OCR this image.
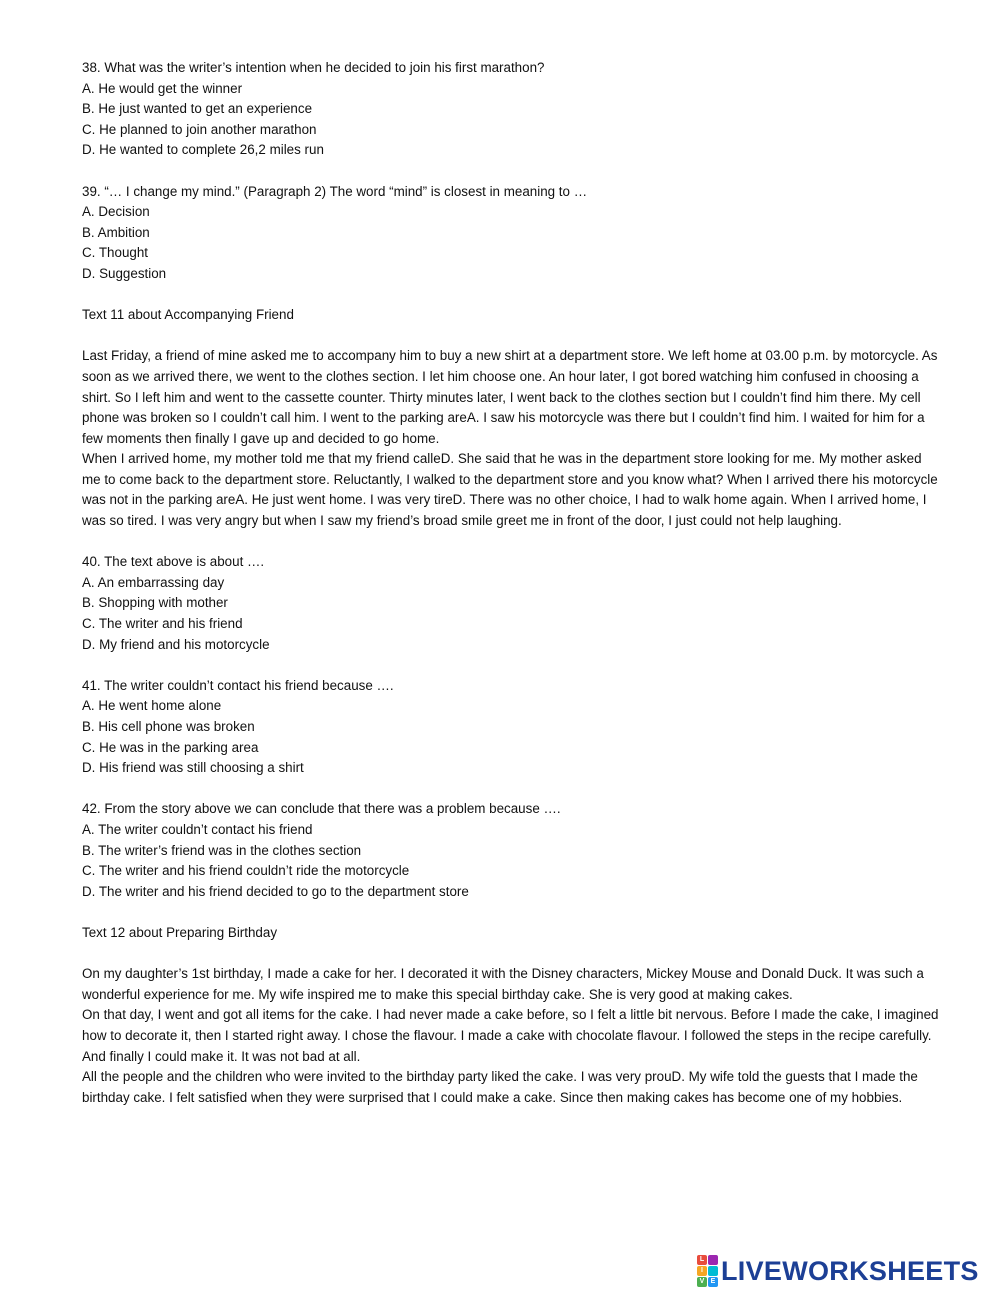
38. What was the writer’s intention when he decided to join his first marathon?
A. He would get the winner
B. He just wanted to get an experience
C. He planned to join another marathon
D. He wanted to complete 26,2 miles run
39. “… I change my mind.” (Paragraph 2) The word “mind” is closest in meaning to …
A. Decision
B. Ambition
C. Thought
D. Suggestion
Text 11 about Accompanying Friend
Last Friday, a friend of mine asked me to accompany him to buy a new shirt at a department store. We left home at 03.00 p.m. by motorcycle. As soon as we arrived there, we went to the clothes section. I let him choose one. An hour later, I got bored watching him confused in choosing a shirt. So I left him and went to the cassette counter. Thirty minutes later, I went back to the clothes section but I couldn’t find him there. My cell phone was broken so I couldn’t call him. I went to the parking areA. I saw his motorcycle was there but I couldn’t find him. I waited for him for a few moments then finally I gave up and decided to go home.
When I arrived home, my mother told me that my friend calleD. She said that he was in the department store looking for me. My mother asked me to come back to the department store. Reluctantly, I walked to the department store and you know what? When I arrived there his motorcycle was not in the parking areA. He just went home. I was very tireD. There was no other choice, I had to walk home again. When I arrived home, I was so tired. I was very angry but when I saw my friend’s broad smile greet me in front of the door, I just could not help laughing.
40. The text above is about ….
A. An embarrassing day
B. Shopping with mother
C. The writer and his friend
D. My friend and his motorcycle
41. The writer couldn’t contact his friend because ….
A. He went home alone
B. His cell phone was broken
C. He was in the parking area
D. His friend was still choosing a shirt
42. From the story above we can conclude that there was a problem because ….
A. The writer couldn’t contact his friend
B. The writer’s friend was in the clothes section
C. The writer and his friend couldn’t ride the motorcycle
D. The writer and his friend decided to go to the department store
Text 12 about Preparing Birthday
On my daughter’s 1st birthday, I made a cake for her. I decorated it with the Disney characters, Mickey Mouse and Donald Duck. It was such a wonderful experience for me. My wife inspired me to make this special birthday cake. She is very good at making cakes.
On that day, I went and got all items for the cake. I had never made a cake before, so I felt a little bit nervous. Before I made the cake, I imagined how to decorate it, then I started right away. I chose the flavour. I made a cake with chocolate flavour. I followed the steps in the recipe carefully. And finally I could make it. It was not bad at all.
All the people and the children who were invited to the birthday party liked the cake. I was very prouD. My wife told the guests that I made the birthday cake. I felt satisfied when they were surprised that I could make a cake. Since then making cakes has become one of my hobbies.
L
I
V E LIVEWORKSHEETS
